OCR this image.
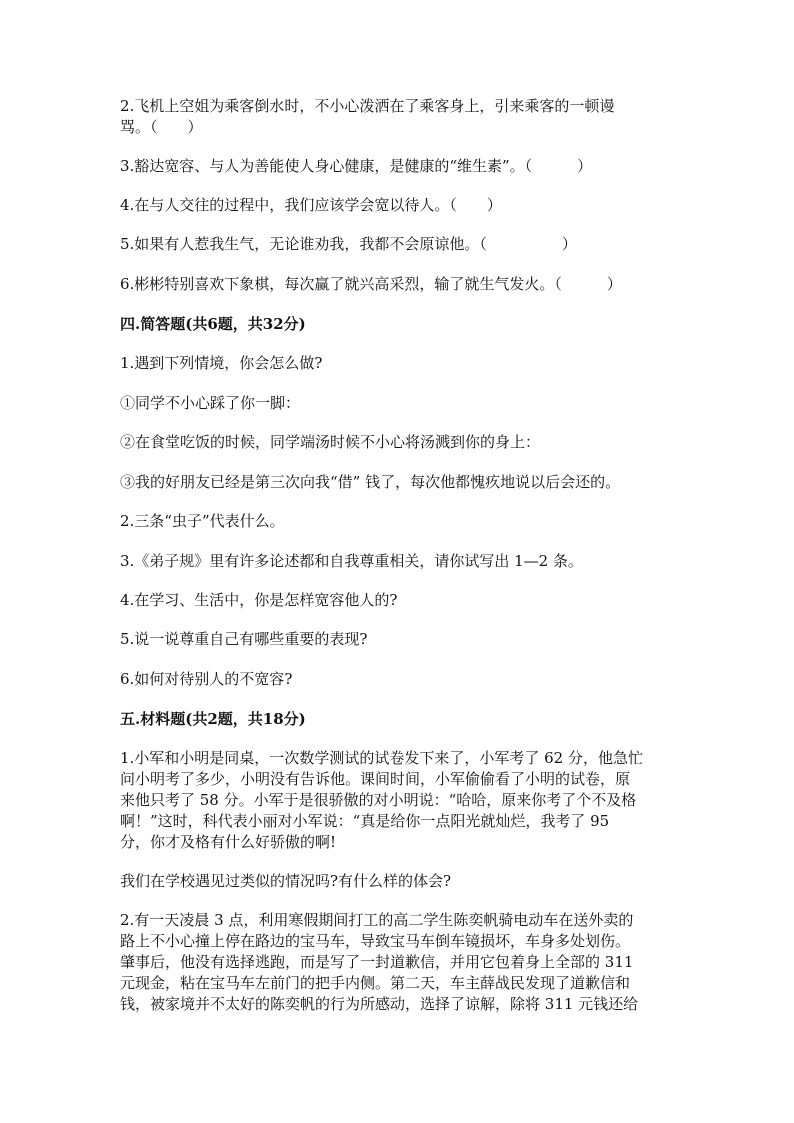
2.飞机上空姐为乘客倒水时，不小心泼洒在了乘客身上，引来乘客的一顿谩
骂。（　　）
3.豁达宽容、与人为善能使人身心健康，是健康的“维生素”。（　　　）
4.在与人交往的过程中，我们应该学会宽以待人。（　　）
5.如果有人惹我生气，无论谁劝我，我都不会原谅他。（　　　　　）
6.彬彬特别喜欢下象棋，每次赢了就兴高采烈，输了就生气发火。（　　　）
四.简答题(共6题，共32分)
1.遇到下列情境，你会怎么做?
①同学不小心踩了你一脚：
②在食堂吃饭的时候，同学端汤时候不小心将汤溅到你的身上：
③我的好朋友已经是第三次向我“借” 钱了，每次他都愧疚地说以后会还的。
2.三条“虫子”代表什么。
3.《弟子规》里有许多论述都和自我尊重相关，请你试写出 1—2 条。
4.在学习、生活中，你是怎样宽容他人的?
5.说一说尊重自己有哪些重要的表现?
6.如何对待别人的不宽容?
五.材料题(共2题，共18分)
1.小军和小明是同桌，一次数学测试的试卷发下来了，小军考了 62 分，他急忙
问小明考了多少，小明没有告诉他。课间时间，小军偷偷看了小明的试卷，原
来他只考了 58 分。小军于是很骄傲的对小明说：“哈哈，原来你考了个不及格
啊！”这时，科代表小丽对小军说：“真是给你一点阳光就灿烂，我考了 95
分，你才及格有什么好骄傲的啊!
我们在学校遇见过类似的情况吗?有什么样的体会?
2.有一天凌晨 3 点，利用寒假期间打工的高二学生陈奕帆骑电动车在送外卖的
路上不小心撞上停在路边的宝马车，导致宝马车倒车镜损坏，车身多处划伤。
肇事后，他没有选择逃跑，而是写了一封道歉信，并用它包着身上全部的 311
元现金，粘在宝马车左前门的把手内侧。第二天，车主薛战民发现了道歉信和
钱，被家境并不太好的陈奕帆的行为所感动，选择了谅解，除将 311 元钱还给
